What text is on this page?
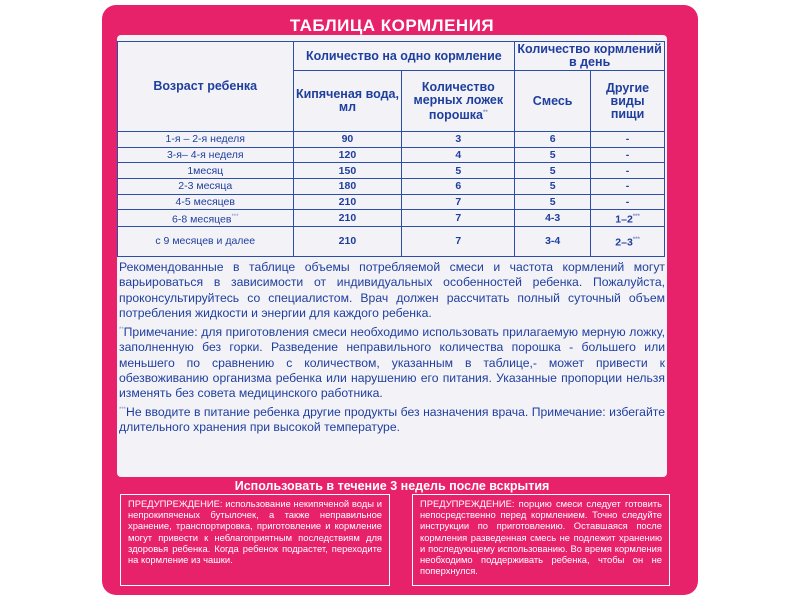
ТАБЛИЦА КОРМЛЕНИЯ
Возраст ребенка	Количество на одно кормление		Количество кормлений в день	
	Кипяченая вода, мл	Количество мерных ложек порошка**	Смесь	Другие виды пищи
1-я – 2-я неделя	90	3	6	-
3-я– 4-я неделя	120	4	5	-
1месяц	150	5	5	-
2-3 месяца	180	6	5	-
4-5 месяцев	210	7	5	-
6-8 месяцев***	210	7	4-3	1–2***
с 9 месяцев и далее	210	7	3-4	2–3***

Рекомендованные в таблице объемы потребляемой смеси и частота кормлений могут варьироваться в зависимости от индивидуальных особенностей ребенка. Пожалуйста, проконсультируйтесь со специалистом. Врач должен рассчитать полный суточный объем потребления жидкости и энергии для каждого ребенка.

**Примечание: для приготовления смеси необходимо использовать прилагаемую мерную ложку, заполненную без горки. Разведение неправильного количества порошка - большего или меньшего по сравнению с количеством, указанным в таблице,- может привести к обезвоживанию организма ребенка или нарушению его питания. Указанные пропорции нельзя изменять без совета медицинского работника.

***Не вводите в питание ребенка другие продукты без назначения врача. Примечание: избегайте длительного хранения при высокой температуре.

Использовать в течение 3 недель после вскрытия
ПРЕДУПРЕЖДЕНИЕ: использование некипяченой воды и непрокипяченых бутылочек, а также неправильное хранение, транспортировка, приготовление и кормление могут привести к неблагоприятным последствиям для здоровья ребенка. Когда ребенок подрастет, переходите на кормление из чашки.
ПРЕДУПРЕЖДЕНИЕ: порцию смеси следует готовить непосредственно перед кормлением. Точно следуйте инструкции по приготовлению. Оставшаяся после кормления разведенная смесь не подлежит хранению и последующему использованию. Во время кормления необходимо поддерживать ребенка, чтобы он не поперхнулся.
